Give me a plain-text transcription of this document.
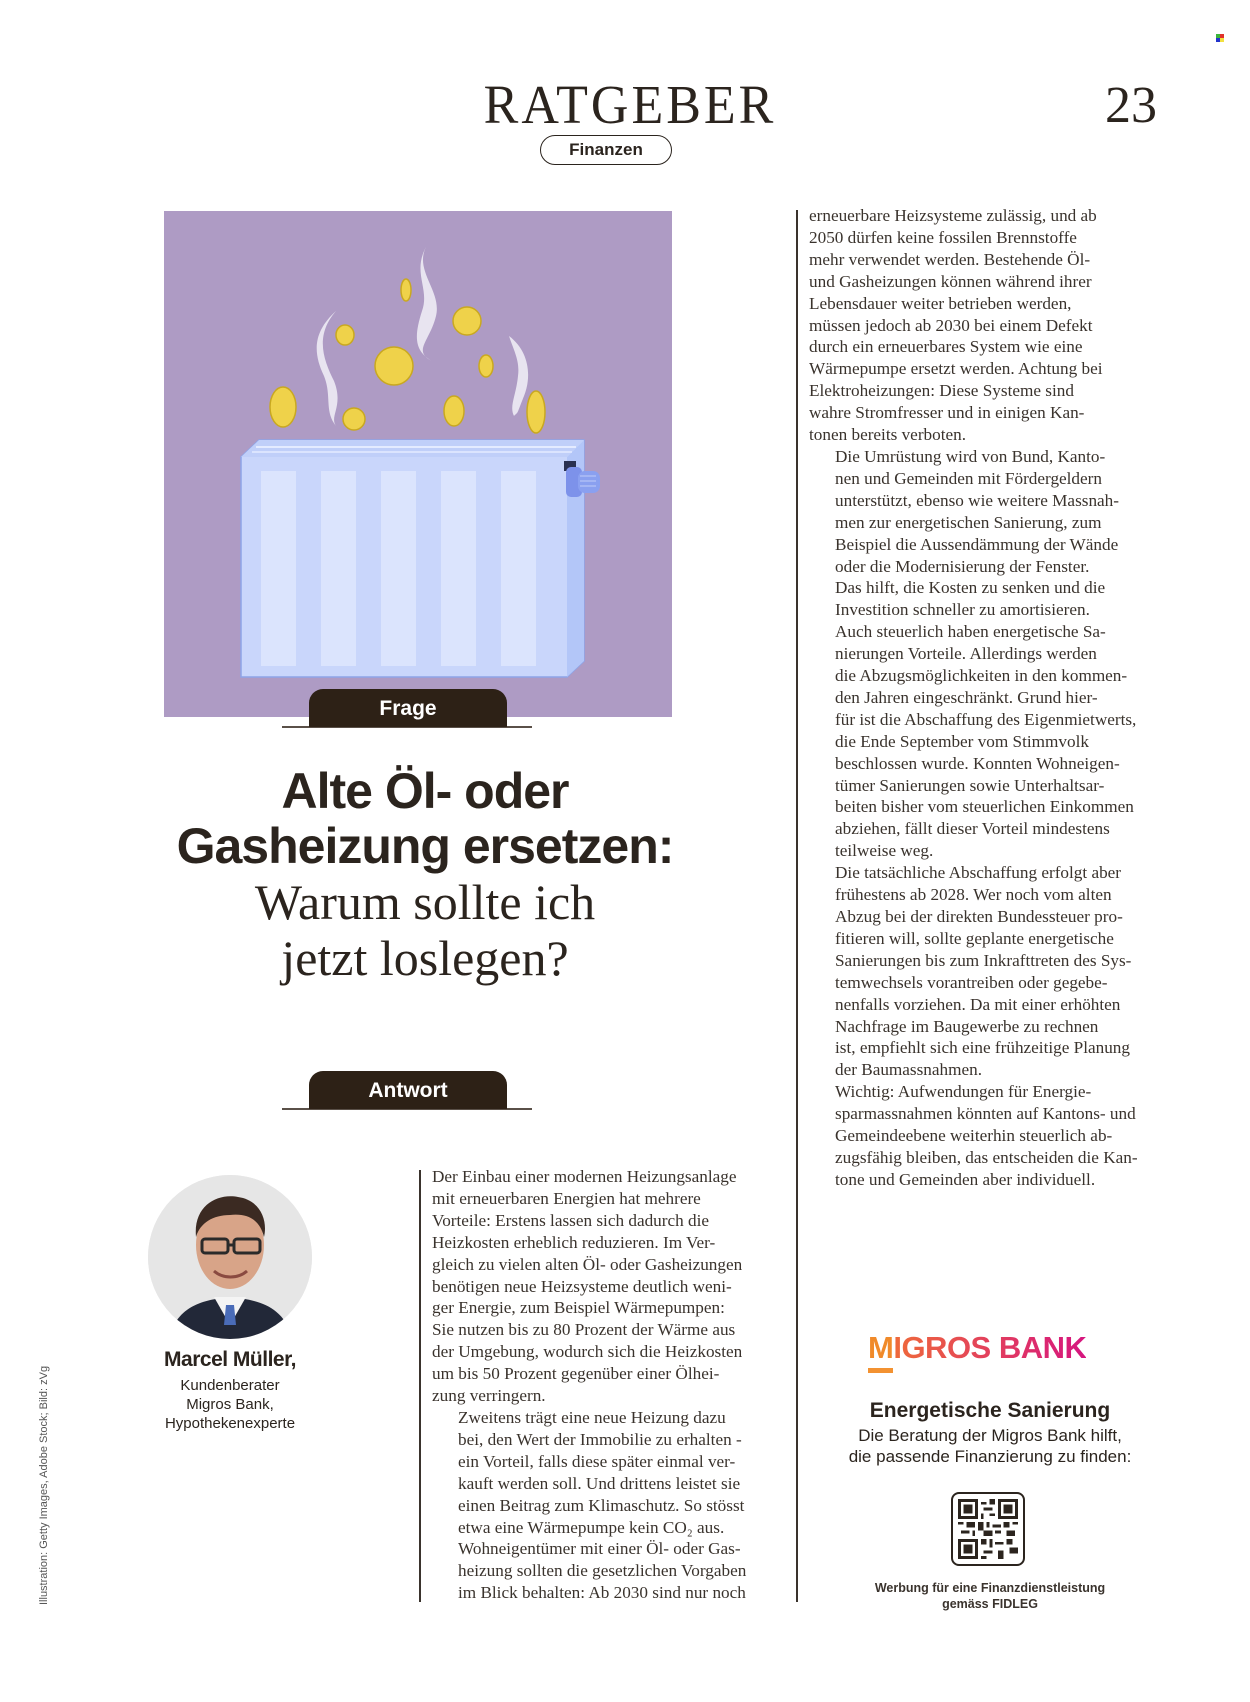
RATGEBER
Finanzen
23
Frage
Alte Öl- oder
Gasheizung ersetzen:
Warum sollte ich
jetzt loslegen?
Antwort
Marcel Müller,
Kundenberater
Migros Bank,
Hypothekenexperte

Der Einbau einer modernen Heizungsanlage
mit erneuerbaren Energien hat mehrere
Vorteile: Erstens lassen sich dadurch die
Heizkosten erheblich reduzieren. Im Ver-
gleich zu vielen alten Öl- oder Gasheizungen
benötigen neue Heizsysteme deutlich weni-
ger Energie, zum Beispiel Wärmepumpen:
Sie nutzen bis zu 80 Prozent der Wärme aus
der Umgebung, wodurch sich die Heizkosten
um bis 50 Prozent gegenüber einer Ölhei-
zung verringern.

Zweitens trägt eine neue Heizung dazu
bei, den Wert der Immobilie zu erhalten -
ein Vorteil, falls diese später einmal ver-
kauft werden soll. Und drittens leistet sie
einen Beitrag zum Klimaschutz. So stösst
etwa eine Wärmepumpe kein CO₂ aus.

Wohneigentümer mit einer Öl- oder Gas-
heizung sollten die gesetzlichen Vorgaben
im Blick behalten: Ab 2030 sind nur noch

erneuerbare Heizsysteme zulässig, und ab
2050 dürfen keine fossilen Brennstoffe
mehr verwendet werden. Bestehende Öl-
und Gasheizungen können während ihrer
Lebensdauer weiter betrieben werden,
müssen jedoch ab 2030 bei einem Defekt
durch ein erneuerbares System wie eine
Wärmepumpe ersetzt werden. Achtung bei
Elektroheizungen: Diese Systeme sind
wahre Stromfresser und in einigen Kan-
tonen bereits verboten.

Die Umrüstung wird von Bund, Kanto-
nen und Gemeinden mit Fördergeldern
unterstützt, ebenso wie weitere Massnah-
men zur energetischen Sanierung, zum
Beispiel die Aussendämmung der Wände
oder die Modernisierung der Fenster.
Das hilft, die Kosten zu senken und die
Investition schneller zu amortisieren.

Auch steuerlich haben energetische Sa-
nierungen Vorteile. Allerdings werden
die Abzugsmöglichkeiten in den kommen-
den Jahren eingeschränkt. Grund hier-
für ist die Abschaffung des Eigenmietwerts,
die Ende September vom Stimmvolk
beschlossen wurde. Konnten Wohneigen-
tümer Sanierungen sowie Unterhaltsar-
beiten bisher vom steuerlichen Einkommen
abziehen, fällt dieser Vorteil mindestens
teilweise weg.

Die tatsächliche Abschaffung erfolgt aber
frühestens ab 2028. Wer noch vom alten
Abzug bei der direkten Bundessteuer pro-
fitieren will, sollte geplante energetische
Sanierungen bis zum Inkrafttreten des Sys-
temwechsels vorantreiben oder gegebe-
nenfalls vorziehen. Da mit einer erhöhten
Nachfrage im Baugewerbe zu rechnen
ist, empfiehlt sich eine frühzeitige Planung
der Baumassnahmen.

Wichtig: Aufwendungen für Energie-
sparmassnahmen könnten auf Kantons- und
Gemeindeebene weiterhin steuerlich ab-
zugsfähig bleiben, das entscheiden die Kan-
tone und Gemeinden aber individuell.

MIGROS BANK
Energetische Sanierung
Die Beratung der Migros Bank hilft,
die passende Finanzierung zu finden:
Werbung für eine Finanzdienstleistung
gemäss FIDLEG
Illustration: Getty Images, Adobe Stock; Bild: zVg
